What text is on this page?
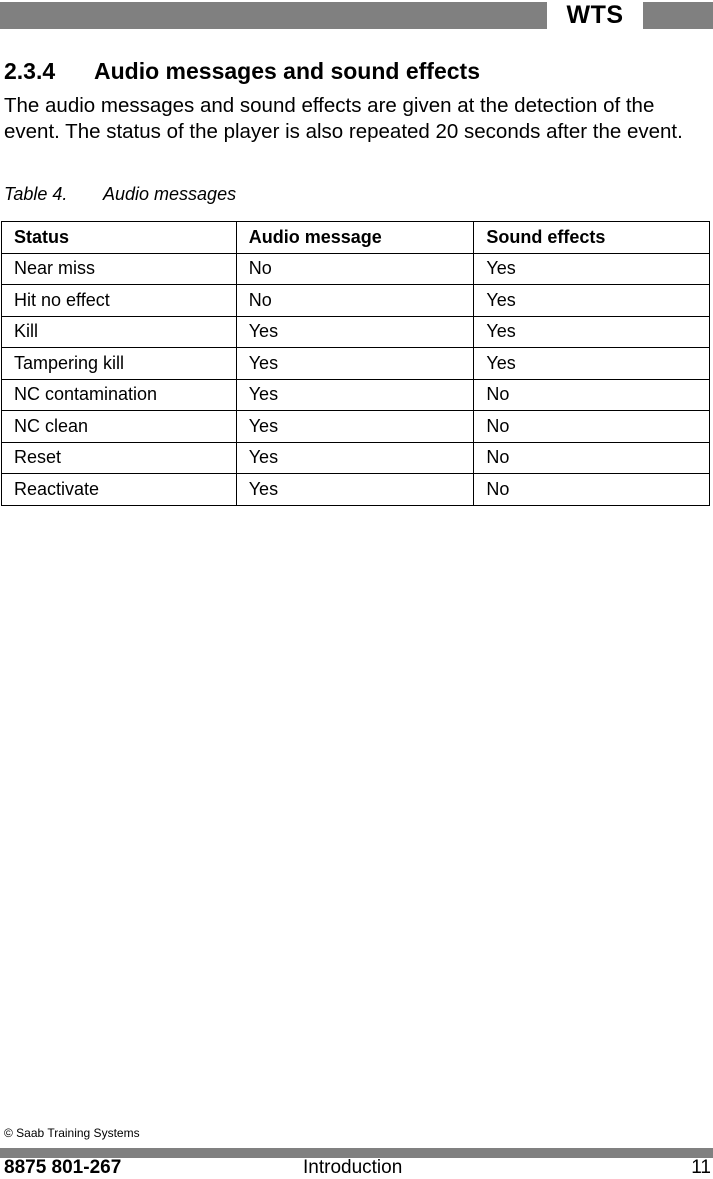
WTS
2.3.4 Audio messages and sound effects
The audio messages and sound effects are given at the detection of the event. The status of the player is also repeated 20 seconds after the event.
Table 4. Audio messages
Status	Audio message	Sound effects
Near miss	No	Yes
Hit no effect	No	Yes
Kill	Yes	Yes
Tampering kill	Yes	Yes
NC contamination	Yes	No
NC clean	Yes	No
Reset	Yes	No
Reactivate	Yes	No
© Saab Training Systems
8875 801-267	Introduction	11
